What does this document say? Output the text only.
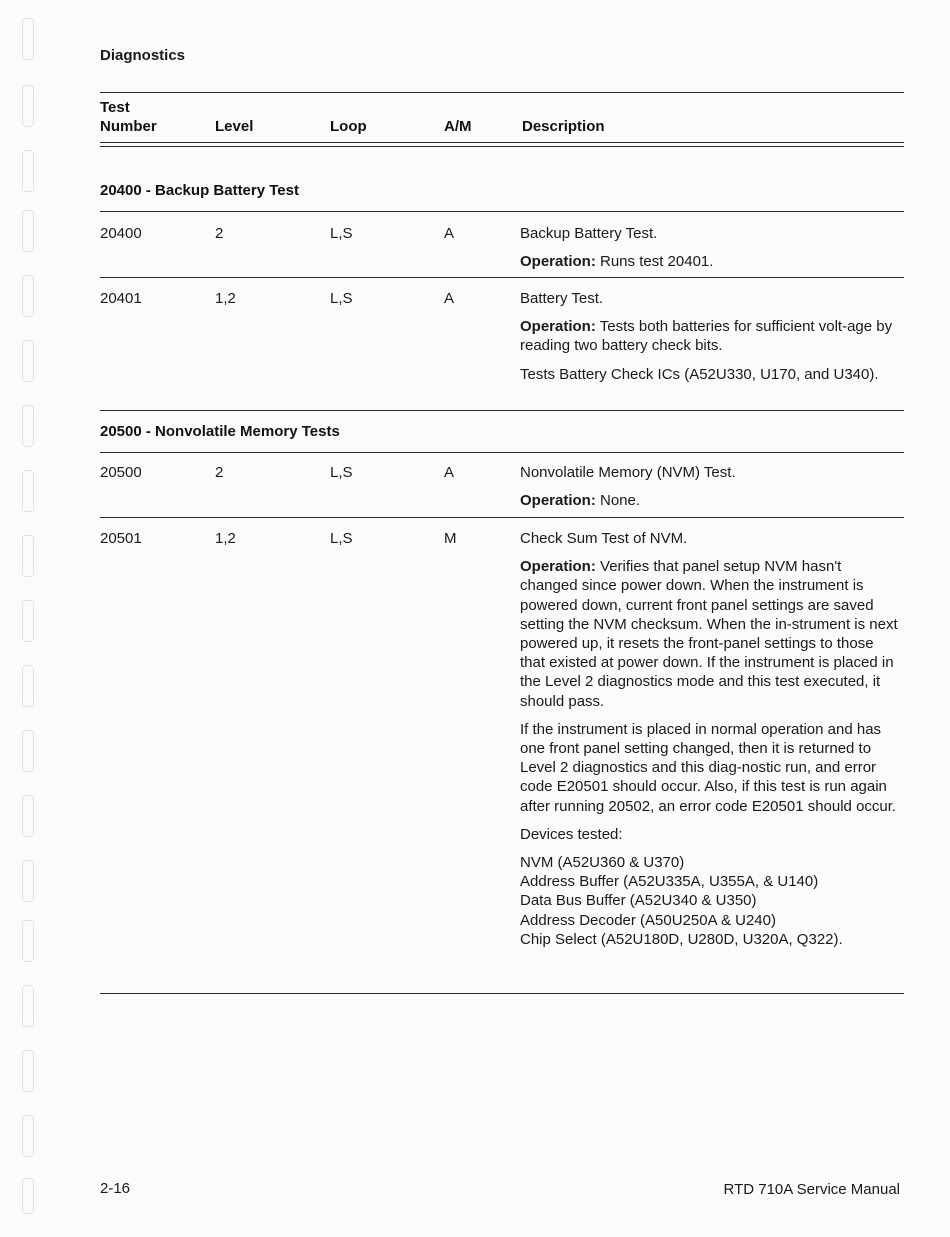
Diagnostics
Test
Number	Level	Loop	A/M	Description
20400 - Backup Battery Test
20400	2	L,S	A	Backup Battery Test.

Operation: Runs test 20401.

20401	1,2	L,S	A	Battery Test.

Operation: Tests both batteries for sufficient volt-age by reading two battery check bits.

Tests Battery Check ICs (A52U330, U170, and U340).

20500 - Nonvolatile Memory Tests
20500	2	L,S	A	Nonvolatile Memory (NVM) Test.

Operation: None.

20501	1,2	L,S	M	Check Sum Test of NVM.

Operation: Verifies that panel setup NVM hasn't changed since power down. When the instrument is powered down, current front panel settings are saved setting the NVM checksum. When the in-strument is next powered up, it resets the front-panel settings to those that existed at power down. If the instrument is placed in the Level 2 diagnostics mode and this test executed, it should pass.

If the instrument is placed in normal operation and has one front panel setting changed, then it is returned to Level 2 diagnostics and this diag-nostic run, and error code E20501 should occur. Also, if this test is run again after running 20502, an error code E20501 should occur.

Devices tested:

NVM (A52U360 & U370)
Address Buffer (A52U335A, U355A, & U140)
Data Bus Buffer (A52U340 & U350)
Address Decoder (A50U250A & U240)
Chip Select (A52U180D, U280D, U320A, Q322).
2-16	RTD 710A Service Manual
